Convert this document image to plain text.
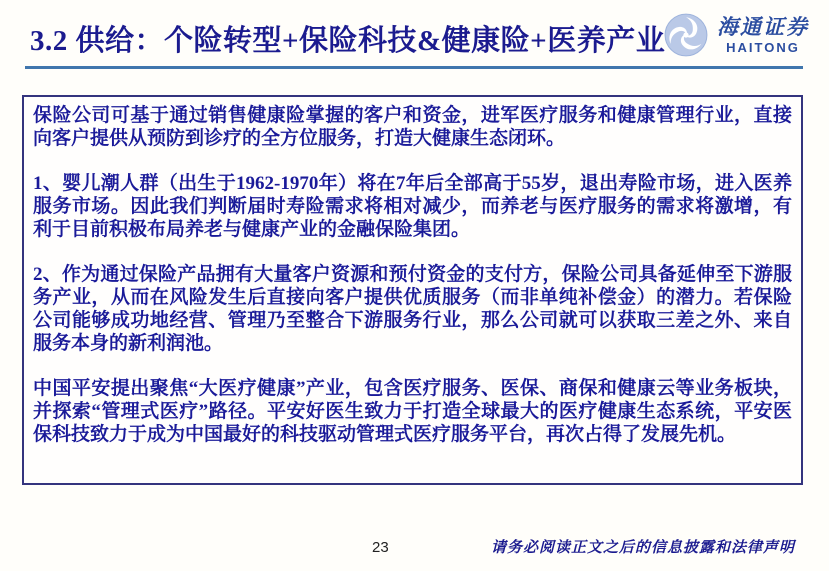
3.2 供给：个险转型+保险科技&健康险+医养产业	海通证券
HAITONG

保险公司可基于通过销售健康险掌握的客户和资金，进军医疗服务和健康管理行业，直接向客户提供从预防到诊疗的全方位服务，打造大健康生态闭环。

1、婴儿潮人群（出生于1962-1970年）将在7年后全部高于55岁，退出寿险市场，进入医养服务市场。因此我们判断届时寿险需求将相对减少，而养老与医疗服务的需求将激增，有利于目前积极布局养老与健康产业的金融保险集团。

2、作为通过保险产品拥有大量客户资源和预付资金的支付方，保险公司具备延伸至下游服务产业，从而在风险发生后直接向客户提供优质服务（而非单纯补偿金）的潜力。若保险公司能够成功地经营、管理乃至整合下游服务行业，那么公司就可以获取三差之外、来自服务本身的新利润池。

中国平安提出聚焦“大医疗健康”产业，包含医疗服务、医保、商保和健康云等业务板块，并探索“管理式医疗”路径。平安好医生致力于打造全球最大的医疗健康生态系统，平安医保科技致力于成为中国最好的科技驱动管理式医疗服务平台，再次占得了发展先机。

23	请务必阅读正文之后的信息披露和法律声明
